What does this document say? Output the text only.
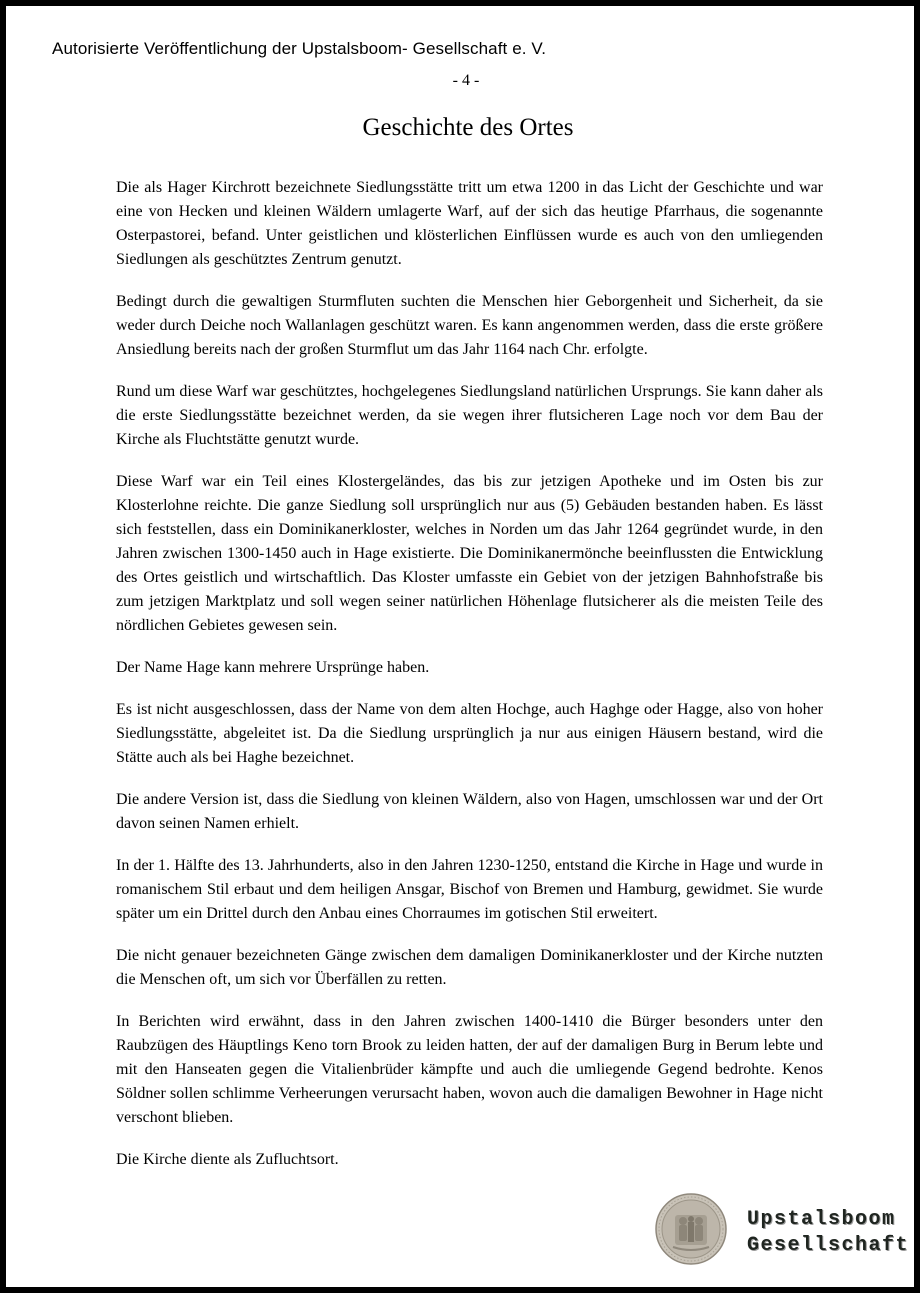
Autorisierte Veröffentlichung der Upstalsboom- Gesellschaft e. V.
- 4 -
Geschichte des Ortes

Die als Hager Kirchrott bezeichnete Siedlungsstätte tritt um etwa 1200 in das Licht der Geschichte und war eine von Hecken und kleinen Wäldern umlagerte Warf, auf der sich das heutige Pfarrhaus, die sogenannte Osterpastorei, befand. Unter geistlichen und klösterlichen Einflüssen wurde es auch von den umliegenden Siedlungen als geschütztes Zentrum genutzt.

Bedingt durch die gewaltigen Sturmfluten suchten die Menschen hier Geborgenheit und Sicherheit, da sie weder durch Deiche noch Wallanlagen geschützt waren. Es kann angenommen werden, dass die erste größere Ansiedlung bereits nach der großen Sturmflut um das Jahr 1164 nach Chr. erfolgte.

Rund um diese Warf war geschütztes, hochgelegenes Siedlungsland natürlichen Ursprungs. Sie kann daher als die erste Siedlungsstätte bezeichnet werden, da sie wegen ihrer flutsicheren Lage noch vor dem Bau der Kirche als Fluchtstätte genutzt wurde.

Diese Warf war ein Teil eines Klostergeländes, das bis zur jetzigen Apotheke und im Osten bis zur Klosterlohne reichte. Die ganze Siedlung soll ursprünglich nur aus (5) Gebäuden bestanden haben. Es lässt sich feststellen, dass ein Dominikanerkloster, welches in Norden um das Jahr 1264 gegründet wurde, in den Jahren zwischen 1300-1450 auch in Hage existierte. Die Dominikanermönche beeinflussten die Entwicklung des Ortes geistlich und wirtschaftlich. Das Kloster umfasste ein Gebiet von der jetzigen Bahnhofstraße bis zum jetzigen Marktplatz und soll wegen seiner natürlichen Höhenlage flutsicherer als die meisten Teile des nördlichen Gebietes gewesen sein.

Der Name Hage kann mehrere Ursprünge haben.

Es ist nicht ausgeschlossen, dass der Name von dem alten Hochge, auch Haghge oder Hagge, also von hoher Siedlungsstätte, abgeleitet ist. Da die Siedlung ursprünglich ja nur aus einigen Häusern bestand, wird die Stätte auch als bei Haghe bezeichnet.

Die andere Version ist, dass die Siedlung von kleinen Wäldern, also von Hagen, umschlossen war und der Ort davon seinen Namen erhielt.

In der 1. Hälfte des 13. Jahrhunderts, also in den Jahren 1230-1250, entstand die Kirche in Hage und wurde in romanischem Stil erbaut und dem heiligen Ansgar, Bischof von Bremen und Hamburg, gewidmet. Sie wurde später um ein Drittel durch den Anbau eines Chorraumes im gotischen Stil erweitert.

Die nicht genauer bezeichneten Gänge zwischen dem damaligen Dominikanerkloster und der Kirche nutzten die Menschen oft, um sich vor Überfällen zu retten.

In Berichten wird erwähnt, dass in den Jahren zwischen 1400-1410 die Bürger besonders unter den Raubzügen des Häuptlings Keno torn Brook zu leiden hatten, der auf der damaligen Burg in Berum lebte und mit den Hanseaten gegen die Vitalienbrüder kämpfte und auch die umliegende Gegend bedrohte. Kenos Söldner sollen schlimme Verheerungen verursacht haben, wovon auch die damaligen Bewohner in Hage nicht verschont blieben.

Die Kirche diente als Zufluchtsort.

Upstalsboom
Gesellschaft
